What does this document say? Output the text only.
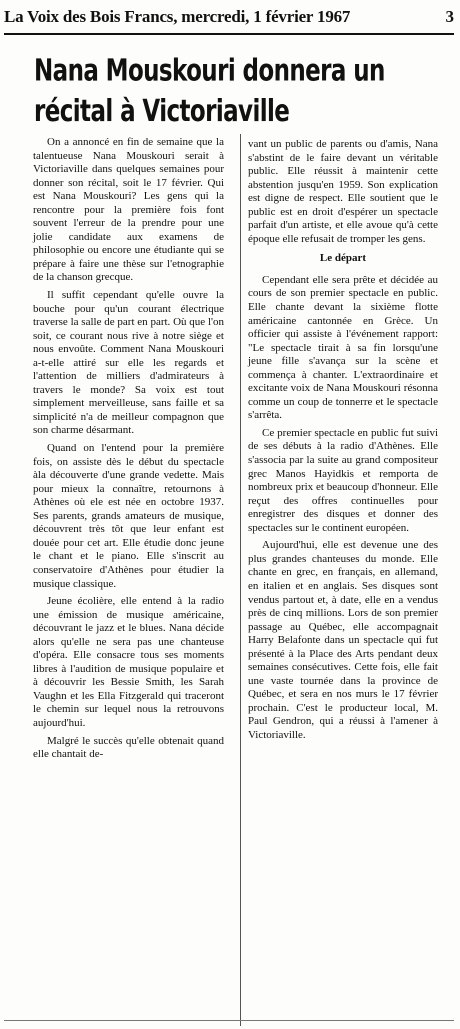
La Voix des Bois Francs, mercredi, 1 février 1967	3
Nana Mouskouri donnera un récital à Victoriaville

On a annoncé en fin de semaine que la talentueuse Nana Mouskouri serait à Victoriaville dans quelques semaines pour donner son récital, soit le 17 février. Qui est Nana Mouskouri? Les gens qui la rencontre pour la première fois font souvent l'erreur de la prendre pour une jolie candidate aux examens de philosophie ou encore une étudiante qui se prépare à faire une thèse sur l'etnographie de la chanson grecque.

Il suffit cependant qu'elle ouvre la bouche pour qu'un courant électrique traverse la salle de part en part. Où que l'on soit, ce courant nous rive à notre siège et nous envoûte. Comment Nana Mouskouri a-t-elle attiré sur elle les regards et l'attention de milliers d'admirateurs à travers le monde? Sa voix est tout simplement merveilleuse, sans faille et sa simplicité n'a de meilleur compagnon que son charme désarmant.

Quand on l'entend pour la première fois, on assiste dès le début du spectacle àla découverte d'une grande vedette. Mais pour mieux la connaître, retournons à Athènes où ele est née en octobre 1937. Ses parents, grands amateurs de musique, découvrent très tôt que leur enfant est douée pour cet art. Elle étudie donc jeune le chant et le piano. Elle s'inscrit au conservatoire d'Athènes pour étudier la musique classique.

Jeune écolière, elle entend à la radio une émission de musique américaine, découvrant le jazz et le blues. Nana décide alors qu'elle ne sera pas une chanteuse d'opéra. Elle consacre tous ses moments libres à l'audition de musique populaire et à découvrir les Bessie Smith, les Sarah Vaughn et les Ella Fitzgerald qui traceront le chemin sur lequel nous la retrouvons aujourd'hui.

Malgré le succès qu'elle obtenait quand elle chantait de-

vant un public de parents ou d'amis, Nana s'abstint de le faire devant un véritable public. Elle réussit à maintenir cette abstention jusqu'en 1959. Son explication est digne de respect. Elle soutient que le public est en droit d'espérer un spectacle parfait d'un artiste, et elle avoue qu'à cette époque elle refusait de tromper les gens.

Le départ

Cependant elle sera prête et décidée au cours de son premier spectacle en public. Elle chante devant la sixième flotte américaine cantonnée en Grèce. Un officier qui assiste à l'événement rapport: "Le spectacle tirait à sa fin lorsqu'une jeune fille s'avança sur la scène et commença à chanter. L'extraordinaire et excitante voix de Nana Mouskouri résonna comme un coup de tonnerre et le spectacle s'arrêta.

Ce premier spectacle en public fut suivi de ses débuts à la radio d'Athènes. Elle s'associa par la suite au grand compositeur grec Manos Hayidkis et remporta de nombreux prix et beaucoup d'honneur. Elle reçut des offres continuelles pour enregistrer des disques et donner des spectacles sur le continent européen.

Aujourd'hui, elle est devenue une des plus grandes chanteuses du monde. Elle chante en grec, en français, en allemand, en italien et en anglais. Ses disques sont vendus partout et, à date, elle en a vendus près de cinq millions. Lors de son premier passage au Québec, elle accompagnait Harry Belafonte dans un spectacle qui fut présenté à la Place des Arts pendant deux semaines consécutives. Cette fois, elle fait une vaste tournée dans la province de Québec, et sera en nos murs le 17 février prochain. C'est le producteur local, M. Paul Gendron, qui a réussi à l'amener à Victoriaville.
